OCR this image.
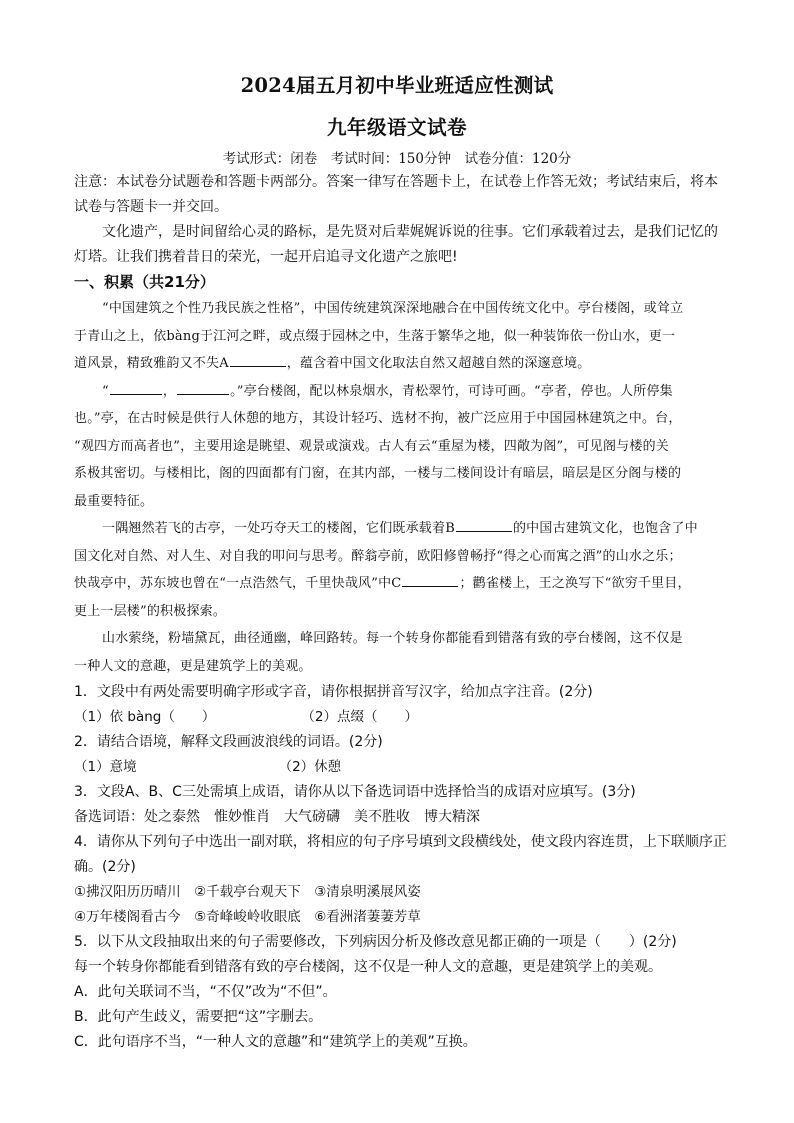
2024届五月初中毕业班适应性测试
九年级语文试卷
考试形式：闭卷　考试时间：150分钟　试卷分值：120分
注意：本试卷分试题卷和答题卡两部分。答案一律写在答题卡上，在试卷上作答无效；考试结束后，将本
试卷与答题卡一并交回。
文化遗产，是时间留给心灵的路标，是先贤对后辈娓娓诉说的往事。它们承载着过去，是我们记忆的
灯塔。让我们携着昔日的荣光，一起开启追寻文化遗产之旅吧!
一、积累（共21分）
“中国建筑之个性乃我民族之性格”，中国传统建筑深深地融合在中国传统文化中。亭台楼阁，或耸立
于青山之上，依bàng于江河之畔，或点缀于园林之中，生落于繁华之地，似一种装饰依一份山水，更一
道风景，精致雅韵又不失A	，蕴含着中国文化取法自然又超越自然的深邃意境。
“	，	。”亭台楼阁，配以林泉烟水，青松翠竹，可诗可画。“亭者，停也。人所停集
也。”亭，在古时候是供行人休憩的地方，其设计轻巧、选材不拘，被广泛应用于中国园林建筑之中。台，
“观四方而高者也”，主要用途是眺望、观景或演戏。古人有云“重屋为楼，四敞为阁”，可见阁与楼的关
系极其密切。与楼相比，阁的四面都有门窗，在其内部，一楼与二楼间设计有暗层，暗层是区分阁与楼的
最重要特征。
一隅翘然若飞的古亭，一处巧夺天工的楼阁，它们既承载着B	的中国古建筑文化，也饱含了中
国文化对自然、对人生、对自我的叩问与思考。醉翁亭前，欧阳修曾畅抒“得之心而寓之酒”的山水之乐；
快哉亭中，苏东坡也曾在“一点浩然气，千里快哉风”中C	；鹳雀楼上，王之涣写下“欲穷千里目，
更上一层楼”的积极探索。
山水萦绕，粉墙黛瓦，曲径通幽，峰回路转。每一个转身你都能看到错落有致的亭台楼阁，这不仅是
一种人文的意趣，更是建筑学上的美观。
1．文段中有两处需要明确字形或字音，请你根据拼音写汉字，给加点字注音。(2分)
（1）依 bàng（　　）	（2）点缀（　　）
2．请结合语境，解释文段画波浪线的词语。(2分)
（1）意境	（2）休憩
3．文段A、B、C三处需填上成语，请你从以下备选词语中选择恰当的成语对应填写。(3分)
备选词语：处之泰然　惟妙惟肖　大气磅礴　美不胜收　博大精深
4．请你从下列句子中选出一副对联，将相应的句子序号填到文段横线处，使文段内容连贯，上下联顺序正
确。(2分)
①拂汉阳历历晴川　②千载亭台观天下　③清泉明溪展风姿
④万年楼阁看古今　⑤奇峰峻岭收眼底　⑥看洲渚萋萋芳草
5．以下从文段抽取出来的句子需要修改，下列病因分析及修改意见都正确的一项是（　　）(2分)
每一个转身你都能看到错落有致的亭台楼阁，这不仅是一种人文的意趣，更是建筑学上的美观。
A．此句关联词不当，“不仅”改为“不但”。
B．此句产生歧义，需要把“这”字删去。
C．此句语序不当，“一种人文的意趣”和“建筑学上的美观”互换。
